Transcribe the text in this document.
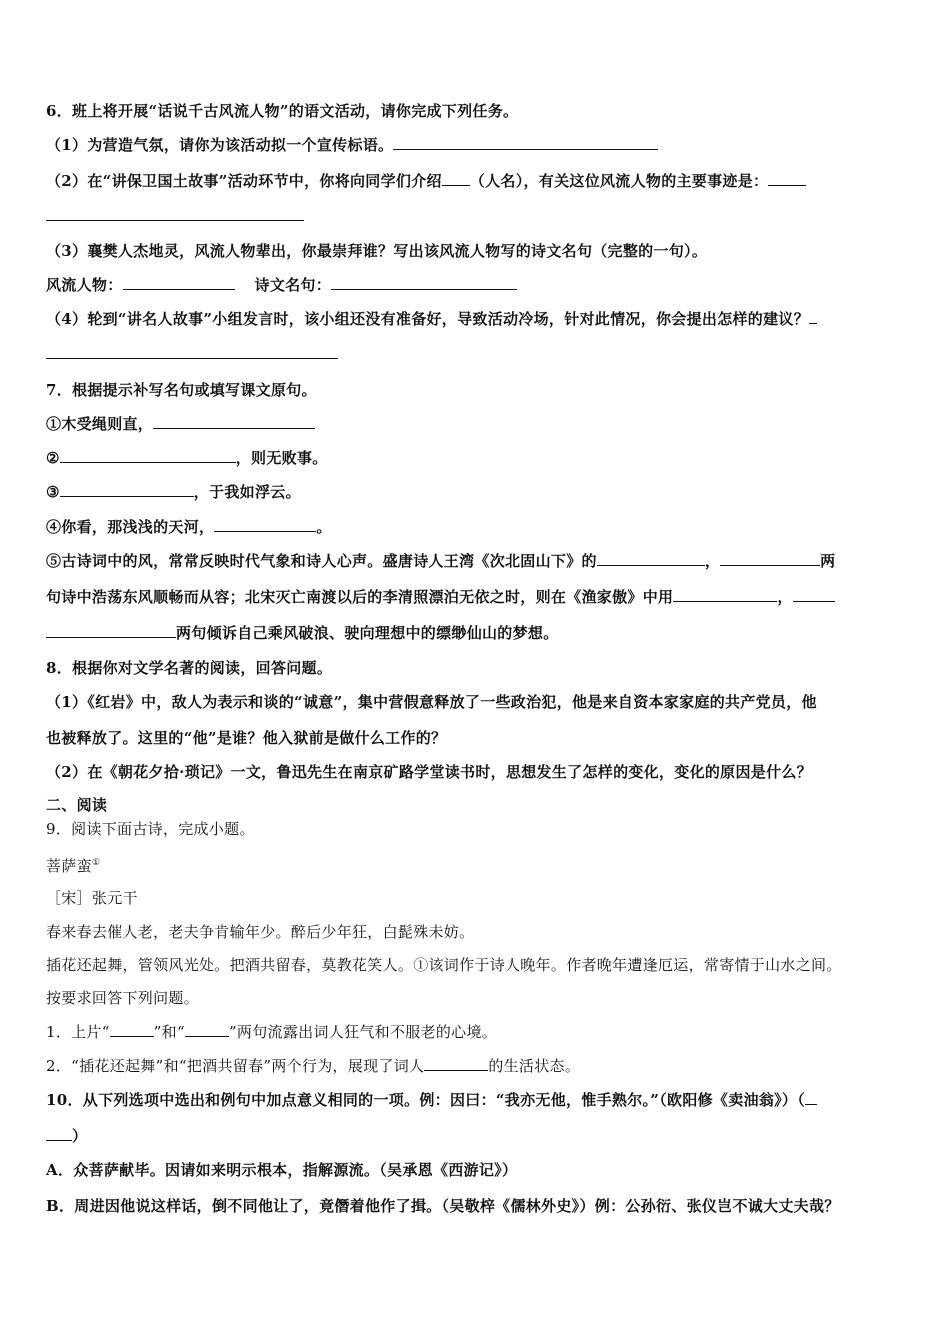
6．班上将开展“话说千古风流人物”的语文活动，请你完成下列任务。
（1）为营造气氛，请你为该活动拟一个宣传标语。
（2）在“讲保卫国土故事”活动环节中，你将向同学们介绍 （人名），有关这位风流人物的主要事迹是：
（3）襄樊人杰地灵，风流人物辈出，你最崇拜谁？写出该风流人物写的诗文名句（完整的一句）。
风流人物：	诗文名句：
（4）轮到“讲名人故事”小组发言时，该小组还没有准备好，导致活动冷场，针对此情况，你会提出怎样的建议？
7．根据提示补写名句或填写课文原句。
①木受绳则直，
②	，则无败事。
③	，于我如浮云。
④你看，那浅浅的天河，	。
⑤古诗词中的风，常常反映时代气象和诗人心声。盛唐诗人王湾《次北固山下》的	，	两
句诗中浩荡东风顺畅而从容；北宋灭亡南渡以后的李清照漂泊无依之时，则在《渔家傲》中用	，
两句倾诉自己乘风破浪、驶向理想中的缥缈仙山的梦想。
8．根据你对文学名著的阅读，回答问题。
（1）《红岩》中，敌人为表示和谈的“诚意”，集中营假意释放了一些政治犯，他是来自资本家家庭的共产党员，他
也被释放了。这里的“他”是谁？他入狱前是做什么工作的？
（2）在《朝花夕拾·琐记》一文，鲁迅先生在南京矿路学堂读书时，思想发生了怎样的变化，变化的原因是什么？
二、阅读
9．阅读下面古诗，完成小题。
菩萨蛮①
［宋］张元干
春来春去催人老，老夫争肯输年少。醉后少年狂，白髭殊未妨。
插花还起舞，管领风光处。把酒共留春，莫教花笑人。①该词作于诗人晚年。作者晚年遭逢厄运，常寄情于山水之间。
按要求回答下列问题。
1．上片“	”和“	”两句流露出词人狂气和不服老的心境。
2．“插花还起舞”和“把酒共留春”两个行为，展现了词人	的生活状态。
10．从下列选项中选出和例句中加点意义相同的一项。例：因曰：“我亦无他，惟手熟尔。”（欧阳修《卖油翁》）（
）
A．众菩萨献毕。因请如来明示根本，指解源流。（吴承恩《西游记》）
B．周进因他说这样话，倒不同他让了，竟僭着他作了揖。（吴敬梓《儒林外史》）例：公孙衍、张仪岂不诚大丈夫哉？
